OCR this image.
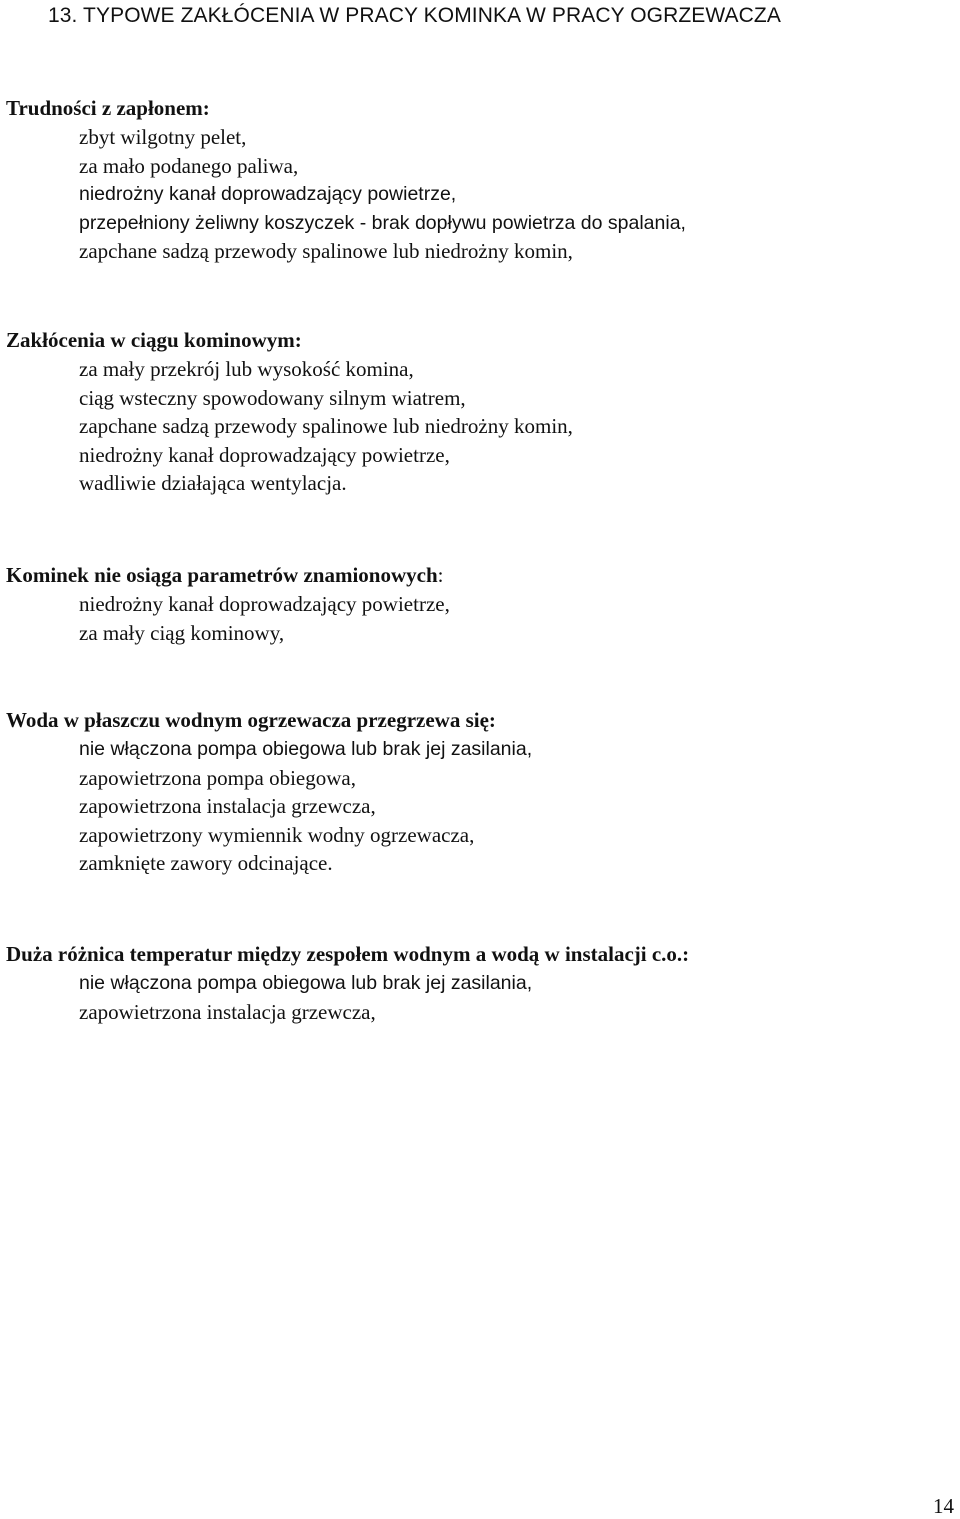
13. TYPOWE ZAKŁÓCENIA W PRACY KOMINKA W PRACY OGRZEWACZA
Trudności z zapłonem:
zbyt wilgotny pelet,
za mało podanego paliwa,
niedrożny kanał doprowadzający powietrze,
przepełniony żeliwny koszyczek - brak dopływu powietrza do spalania,
zapchane sadzą przewody spalinowe lub niedrożny komin,
Zakłócenia w ciągu kominowym:
za mały przekrój lub wysokość komina,
ciąg wsteczny spowodowany silnym wiatrem,
zapchane sadzą przewody spalinowe lub niedrożny komin,
niedrożny kanał doprowadzający powietrze,
wadliwie działająca wentylacja.
Kominek nie osiąga parametrów znamionowych:
niedrożny kanał doprowadzający powietrze,
za mały ciąg kominowy,
Woda w płaszczu wodnym ogrzewacza przegrzewa się:
nie włączona pompa obiegowa lub brak jej zasilania,
zapowietrzona pompa obiegowa,
zapowietrzona instalacja grzewcza,
zapowietrzony wymiennik wodny ogrzewacza,
zamknięte zawory odcinające.
Duża różnica temperatur między zespołem wodnym a wodą w instalacji c.o.:
nie włączona pompa obiegowa lub brak jej zasilania,
zapowietrzona instalacja grzewcza,
14
